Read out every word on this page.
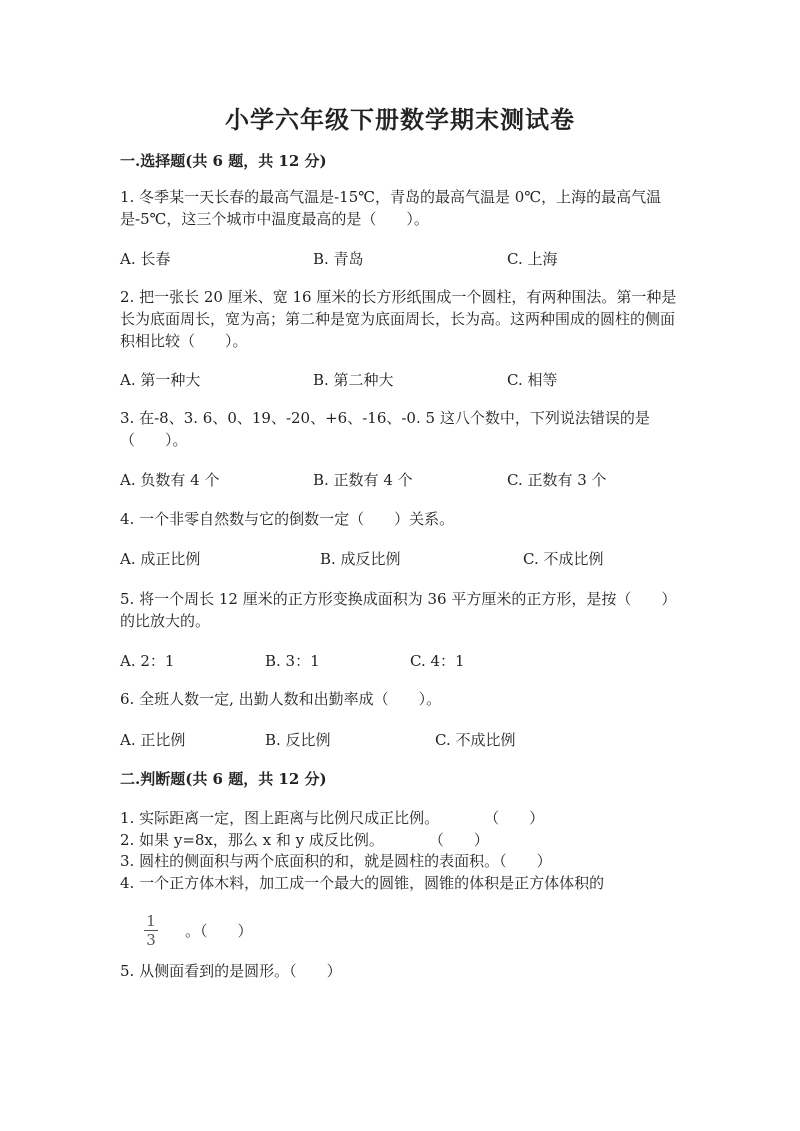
小学六年级下册数学期末测试卷
一.选择题(共 6 题，共 12 分)
1. 冬季某一天长春的最高气温是-15℃，青岛的最高气温是 0℃，上海的最高气温是-5℃，这三个城市中温度最高的是（　　）。
A. 长春	B. 青岛	C. 上海
2. 把一张长 20 厘米、宽 16 厘米的长方形纸围成一个圆柱，有两种围法。第一种是长为底面周长，宽为高；第二种是宽为底面周长，长为高。这两种围成的圆柱的侧面积相比较（　　）。
A. 第一种大	B. 第二种大	C. 相等
3. 在-8、3. 6、0、19、-20、+6、-16、-0. 5 这八个数中，下列说法错误的是（　　）。
A. 负数有 4 个	B. 正数有 4 个	C. 正数有 3 个
4. 一个非零自然数与它的倒数一定（　　）关系。
A. 成正比例	B. 成反比例	C. 不成比例
5. 将一个周长 12 厘米的正方形变换成面积为 36 平方厘米的正方形，是按（　　）的比放大的。
A. 2：1	B. 3：1	C. 4：1
6. 全班人数一定, 出勤人数和出勤率成（　　）。
A. 正比例	B. 反比例	C. 不成比例
二.判断题(共 6 题，共 12 分)
1. 实际距离一定，图上距离与比例尺成正比例。　　　　（　　）
2. 如果 y=8x，那么 x 和 y 成反比例。　　　　（　　）
3. 圆柱的侧面积与两个底面积的和，就是圆柱的表面积。（　　）
4. 一个正方体木料，加工成一个最大的圆锥，圆锥的体积是正方体体积的
1
3 。（　　）
5. 从侧面看到的是圆形。（　　）
